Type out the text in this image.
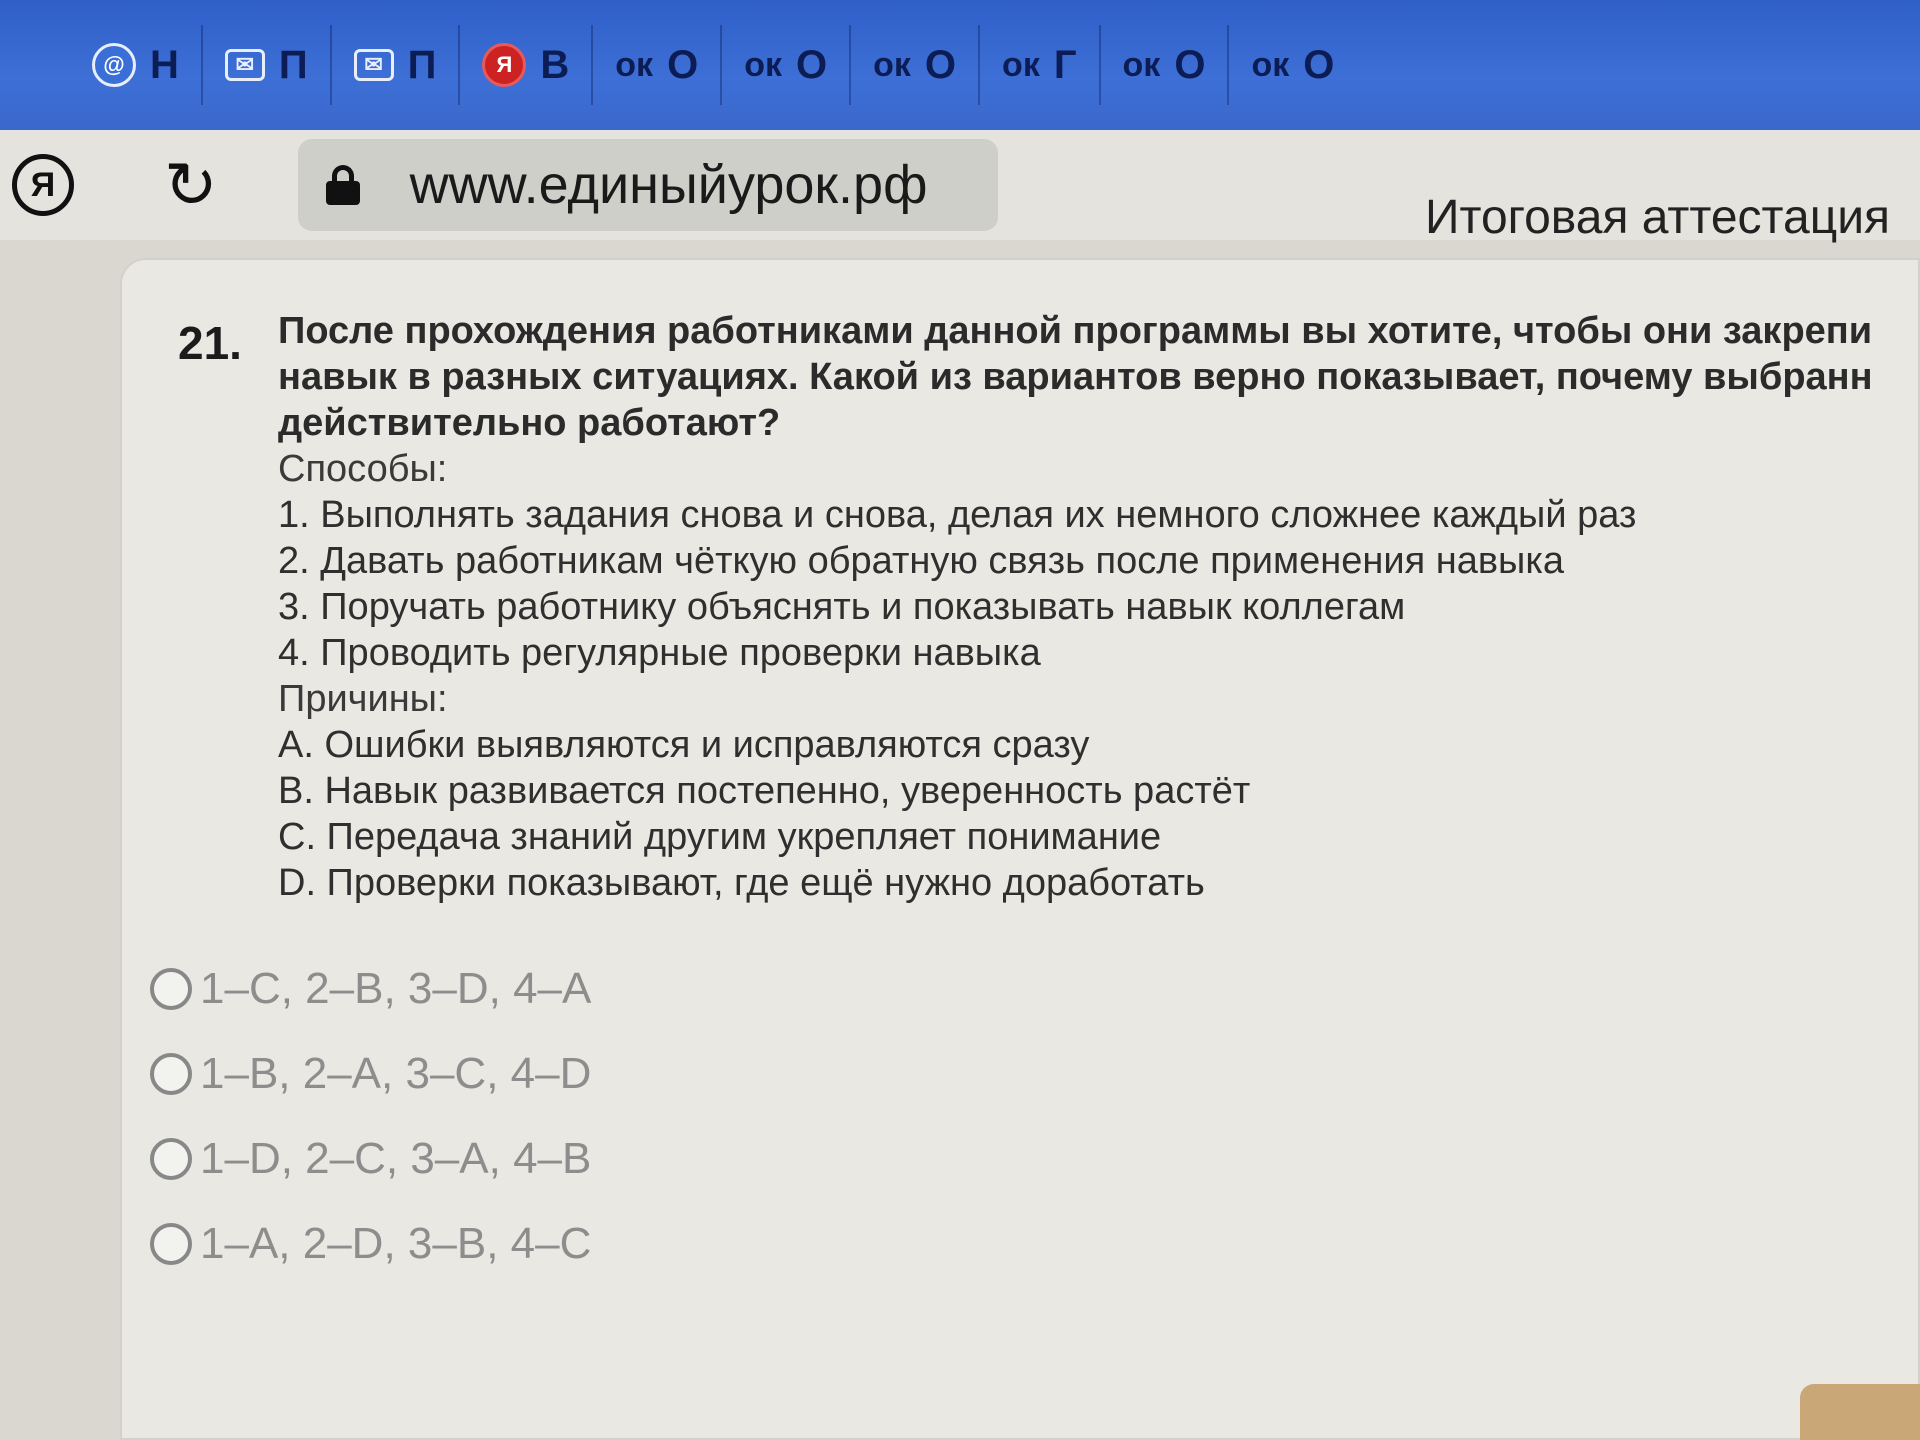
@ Н	✉ П	✉ П	Я В ок О ок О ок О ок Г ок О ок О
Я ↻	www.единыйурок.рф
Итоговая аттестация
21. После прохождения работниками данной программы вы хотите, чтобы они закрепи
навык в разных ситуациях. Какой из вариантов верно показывает, почему выбранн
действительно работают?
Способы:
1. Выполнять задания снова и снова, делая их немного сложнее каждый раз
2. Давать работникам чёткую обратную связь после применения навыка
3. Поручать работнику объяснять и показывать навык коллегам
4. Проводить регулярные проверки навыка
Причины:
A. Ошибки выявляются и исправляются сразу
B. Навык развивается постепенно, уверенность растёт
C. Передача знаний другим укрепляет понимание
D. Проверки показывают, где ещё нужно доработать
1–C, 2–B, 3–D, 4–A
1–B, 2–A, 3–C, 4–D
1–D, 2–C, 3–A, 4–B
1–A, 2–D, 3–B, 4–C
